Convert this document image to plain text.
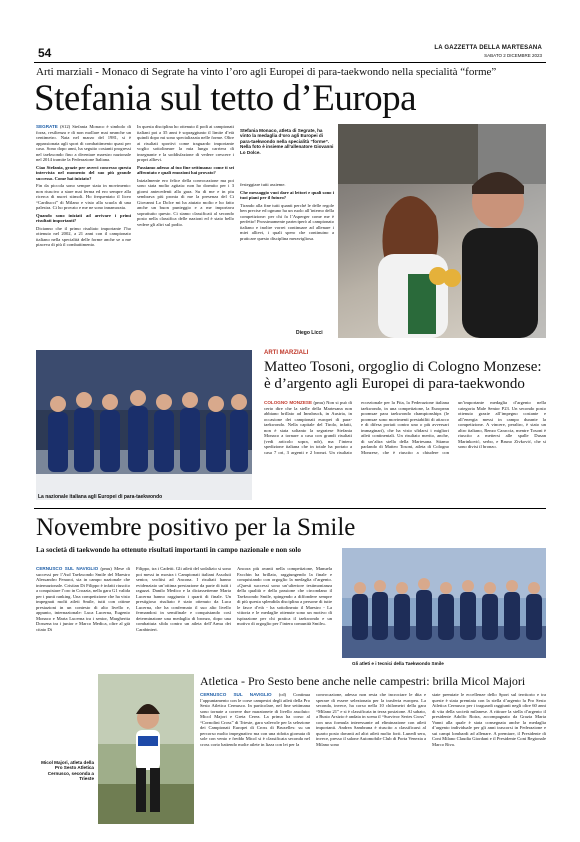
54	LA GAZZETTA DELLA MARTESANA
SABATO 2 DICEMBRE 2023
Arti marziali - Monaco di Segrate ha vinto l’oro agli Europei di para-taekwondo nella specialità “forme”
Stefania sul tetto d’Europa

SEGRATE (S12) Stefania Monaco è simbolo di forza, resilienza e di non mollare mai neanche un centimetro. Nata nel marzo del 1981, si è appassionata agli sport di combattimento quasi per caso. Sono dopo anni, ha seguito costanti progressi nel taekwondo fino a diventare maestro nazionale nel 2014 tramite la Federazione Italiana.

Ciao Stefania, grazie per averci concesso questa intervista nel momento del suo più grande successo. Come hai iniziato?

Fin da piccola sono sempre stata in movimento: non riuscivo a stare mai ferma ed ero sempre alla ricerca di nuovi stimoli. Ho frequentato il liceo “Cardiucci” di Milano e visto alla scuola di una palestra. Ci ho provato e me ne sono innamorata.

Quando sono iniziati ad arrivare i primi risultati importanti?

Dicianno che il primo risultato importante l’ho ottenuto nel 2002, a 21 anni con il campionato italiano nella specialità delle forme anche se a me piaceva di più il combattimento.

In questa disciplina ho ottenuto il podi ai campionati italiani poi a 35 anni è sopraggiunto il limite d’età quindi dopo mi sono specializzata nelle forme. Oltre ai risultati sportivi come traguardo importante voglio sottolineare la mia lunga carriera di insegnante e la soddisfazione di vedere crescere i propri allievi.

Passiamo adesso al tuo fine settimana: come ti sei affrontato e quali emozioni hai provato?

Inizialmente ero felice della convocazione ma poi sono stata molto agitata: non ho dormito per i 3 giorni antecedenti alla gara. Su di me e in piu sembrava più pronta di me la presenza del Ct Giovanni Lo Dolce mi ha aiutato molto e ho fatto anche un buon punteggio e a me importava soprattutto questo. Ci siamo classificati al secondo posto nella classifica delle nazioni ed è stato bello vedere gli altri sul podio.

Stefania Monaco, atleta di Segrate, ha vinto la medaglia d’oro agli Europei di para-taekwondo nella specialità “forme”. Nella foto è insieme all’allenatore Giovanni Lo Dolce.

festeggiare tutti assieme.

Che messaggio vuoi dare ai lettori e quali sono i tuoi piani per il futuro?

Tirando alla fine tutti quanti perché le delle regole ben precise ed ognuno ha un ruolo all’interno della competizione: per chi fa l’Asperger come me è perfetto! Prossimamente parteciperò al campionato italiano e inoltre vorrei continuare ad allenare i miei allievi, i quali spero che continuino a praticare questo disciplina meravigliosa.

Diego Licci
La nazionale italiana agli Europei di para-taekwondo
ARTI MARZIALI
Matteo Tosoni, orgoglio di Cologno Monzese: è d’argento agli Europei di para-taekwondo

COLOGNO MONZESE (pmu) Non si può di certo dire che la stelle della Martesana non abbiano brillato ad Innsbruck, in Austria, in occasione dei campionati europei di para-taekwondo. Nella capitale del Tirolo, infatti, non è stata soltanto la segratese Stefania Monaco a tornare a casa con grandi risultati (vedi articolo sopra, ndr), ma l’intera spedizione italiana che in totale ha portato a casa 7 ori, 3 argenti e 2 bronzi. Un risultato eccezionale per la Fita, la Federazione italiana taekwondo, in una competizione, la European poomsae para taekwondo championships (le poomsae sono movimenti prestabiliti di attacco e di difesa portati contro uno o più avversari immaginari), che ha visto sfidarsi i migliori atleti continentali. Un risultato merito, anche, di un’altra stella della Martesana. Stiamo parlando di Matteo Tosoni, atleta di Cologno Monzese, che è riuscito a chiudere con un’importante medaglia d’argento nella categoria Male Senior P23. Un secondo posto ottenuto grazie all’impegno costante e all’energia messi in campo durante la competizione. A vincere, peraltro, è stato un altro italiano, Renzo Caraccia, mentre Tosoni è riuscito a mettersi alle spalle Dusan Marinković, serbo, e Bruno Zivković, che si sono divisi il bronzo.

Novembre positivo per la Smile
La società di taekwondo ha ottenuto risultati importanti in campo nazionale e non solo

CERNUSCO SUL NAVIGLIO (pmu) Mese di successi per l’Asd Taekwondo Smile del Maestro Alessandro Fenaroi, sia in campo nazionale che internazionale. Cristian Di Filippo è infatti riuscito a conquistare l’oro in Croazia, nella gara G1 valida per i punti ranking. Una competizione che ha visto impegnati molti atleti Smile, tutti con ottime prestazioni in un contesto di alto livello e, appunto, internazionale: Luca Lucerna, Eugenio Monaco e Marta Lucerna tra i senior, Margherita Dossena tra i junior e Marco Medica, oltre al già citato Di

Filippo, tra i Cadetti. Gli atleti del sodalizio si sono poi messi in mostra i Campionati italiani Assoluti senior, svoltisi ad Ancona. I risultati hanno evidenziato un’ottima prestazione da parte di tutti i ragazzi. Danilo Medico e la diciassettenne Marta Lucerna hanno raggiunto i quarti di finale. Un prestigioso risultato è stato ottenuto da Luca Lucerna, che ha confermato il suo alto livello fermandosi in semifinale e conquistando così determinatone una medaglia di bronzo, dopo una combattuta sfida contro un atleta dell’Arma dei Carabinieri.

Ancora più avanti nella competizione, Manuela Facchin ha brillato, raggiungendo la finale e conquistando con orgoglio la medaglia d’argento. «Questi successi sono un’ulteriore testimonianza della qualità e della passione che circondano il Taekwondo Smile, spingendo a diffondere sempre di più questa splendida disciplina a persone di tutte le fasce d’età - ha sottolineato il Maestro - La vittoria e le medaglie ottenute sono un motivo di ispirazione per chi pratica il taekwondo e un motivo di orgoglio per l’intera comunità Smile».

Gli atleti e i tecnici della Taekwondo Smile
Atletica - Pro Sesto bene anche nelle campestri: brilla Micol Majori
Micol Majori, atleta della Pro Sesto Atletica Cernusco, seconda a Trieste

CERNUSCO SUL NAVIGLIO (cd) Continua l’appuntamento con le corse campestri degli atleti della Pro Sesto Atletica Cernusco. In particolare, nel fine settimana sono tornate a correre due maratonete di livello assoluto: Micol Majori e Greta Cerea. La prima ha corso al “Cornolini Cross” di Trieste, gara valevole per la selezione dei Campionati Europei di Cross di Bruxelles: su un percorso molto impegnativo ma con una ridotta giornata di sole con vento e freddo Micol si è classificata seconda nel cross corto battendo molte atlete in lizza con lei per la

convocazione, adesso non resta che incrociare le dita e sperare di essere selezionata per la trasferta europea. La seconda, invece, ha corso nella 10 chilometri della gara “Milano 21” e si è classificata in terza posizione. Al sabato, a Busto Arsizio è andata in scena il “Survivor Series Cross” con una formula interessante ad eliminazione con atleti importanti. Andrea Sambrana è riuscito a classificarsi al quarto posto davanti ad altri atleti molto forti. Lunedì sera, invece, presso il salone Automobile Club di Porta Venezia a Milano sono

state premiate le eccellenze dello Sport sul territorio e tra queste è stata premiata con la stella d’argento la Pro Sesto Atletica Cernusco per i traguardi raggiunti negli oltre 60 anni di vita della società milanese. A ritirare la stella d’argento il presidente Adolfo Roira, accompagnato da Grazia Maria Vanni alla quale è stata consegnata anche la medaglia d’argento individuale per gli anni trascorsi in Federazione e sui campi lombardi ad allenare. A premiare, il Presidente di Coni Milano Claudia Giordani e il Presidente Coni Regionale Marco Riva.
